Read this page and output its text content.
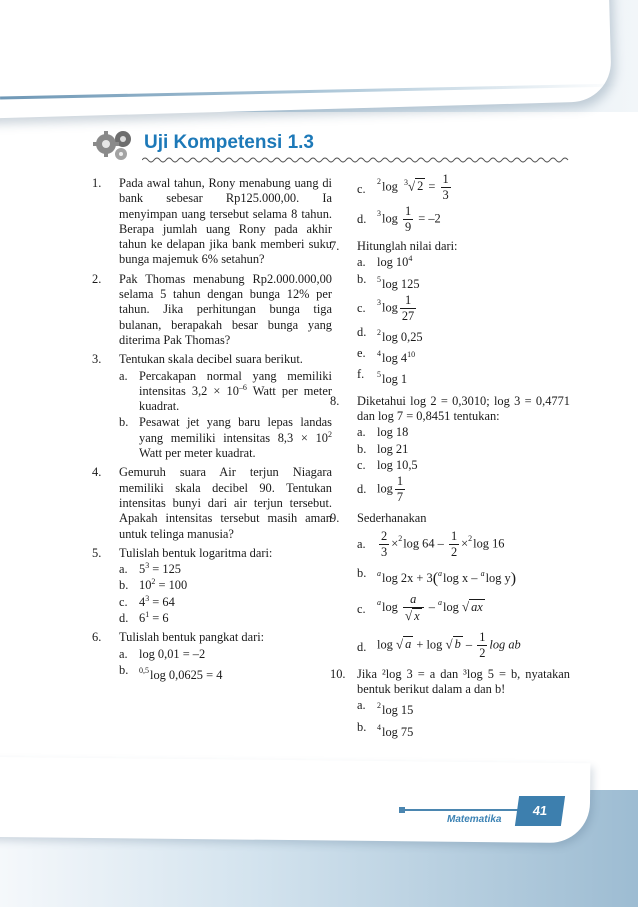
Uji Kompetensi 1.3
1. Pada awal tahun, Rony menabung uang di bank sebesar Rp125.000,00. Ia menyimpan uang tersebut selama 8 tahun. Berapa jumlah uang Rony pada akhir tahun ke delapan jika bank memberi suku bunga majemuk 6% setahun?
2. Pak Thomas menabung Rp2.000.000,00 selama 5 tahun dengan bunga 12% per tahun. Jika perhitungan bunga tiga bulanan, berapakah besar bunga yang diterima Pak Thomas?
3. Tentukan skala decibel suara berikut.
a. Percakapan normal yang memiliki intensitas $3,2 \times 10^{-6}$ Watt per meter kuadrat.
b. Pesawat jet yang baru lepas landas yang memiliki intensitas $8,3 \times 10^2$ Watt per meter kuadrat.
4. Gemuruh suara Air terjun Niagara memiliki skala decibel 90. Tentukan intensitas bunyi dari air terjun tersebut. Apakah intensitas tersebut masih aman untuk telinga manusia?
5. Tulislah bentuk logaritma dari:
a. $5^3 = 125$
b. $10^2 = 100$
c. $4^3 = 64$
d. $6^1 = 6$
6. Tulislah bentuk pangkat dari:
a. log 0,01 = –2
b. $^{0,5}$log 0,0625 = 4
c.
$^2$log $^3$√ $2 = \frac{1}{3}$
d. $^3\log \frac{1}{9} = -2$
7. Hitunglah nilai dari:
a. $\log 10^4$
b. $^5$log 125
c. $^3\log \frac{1}{27}$
d. $^2$log 0,25
e. $^4$log $4^{10}$
f. $^5$log 1
8. Diketahui log 2 = 0,3010; log 3 = 0,4771 dan log 7 = 0,8451 tentukan:
a. log 18
b. log 21
c. log 10,5
d. $\log \frac{1}{7}$
9. Sederhanakan
a. $\frac{2}{3} \times^2\log$ $64 - \frac{1}{2} \times^2\log$ 16
b. $^a$log 2x + 3($^a$log x – $^a$log y)
c. $^a\log \frac{a}{√ x} - ^a\log$ √ ax
d. log √ a + log √ b – $\frac{1}{2}$ log ab
10. Jika ²log 3 = a dan ³log 5 = b, nyatakan bentuk berikut dalam a dan b!
a. $^2$log 15
b. $^4$log 75
Matematika
41
